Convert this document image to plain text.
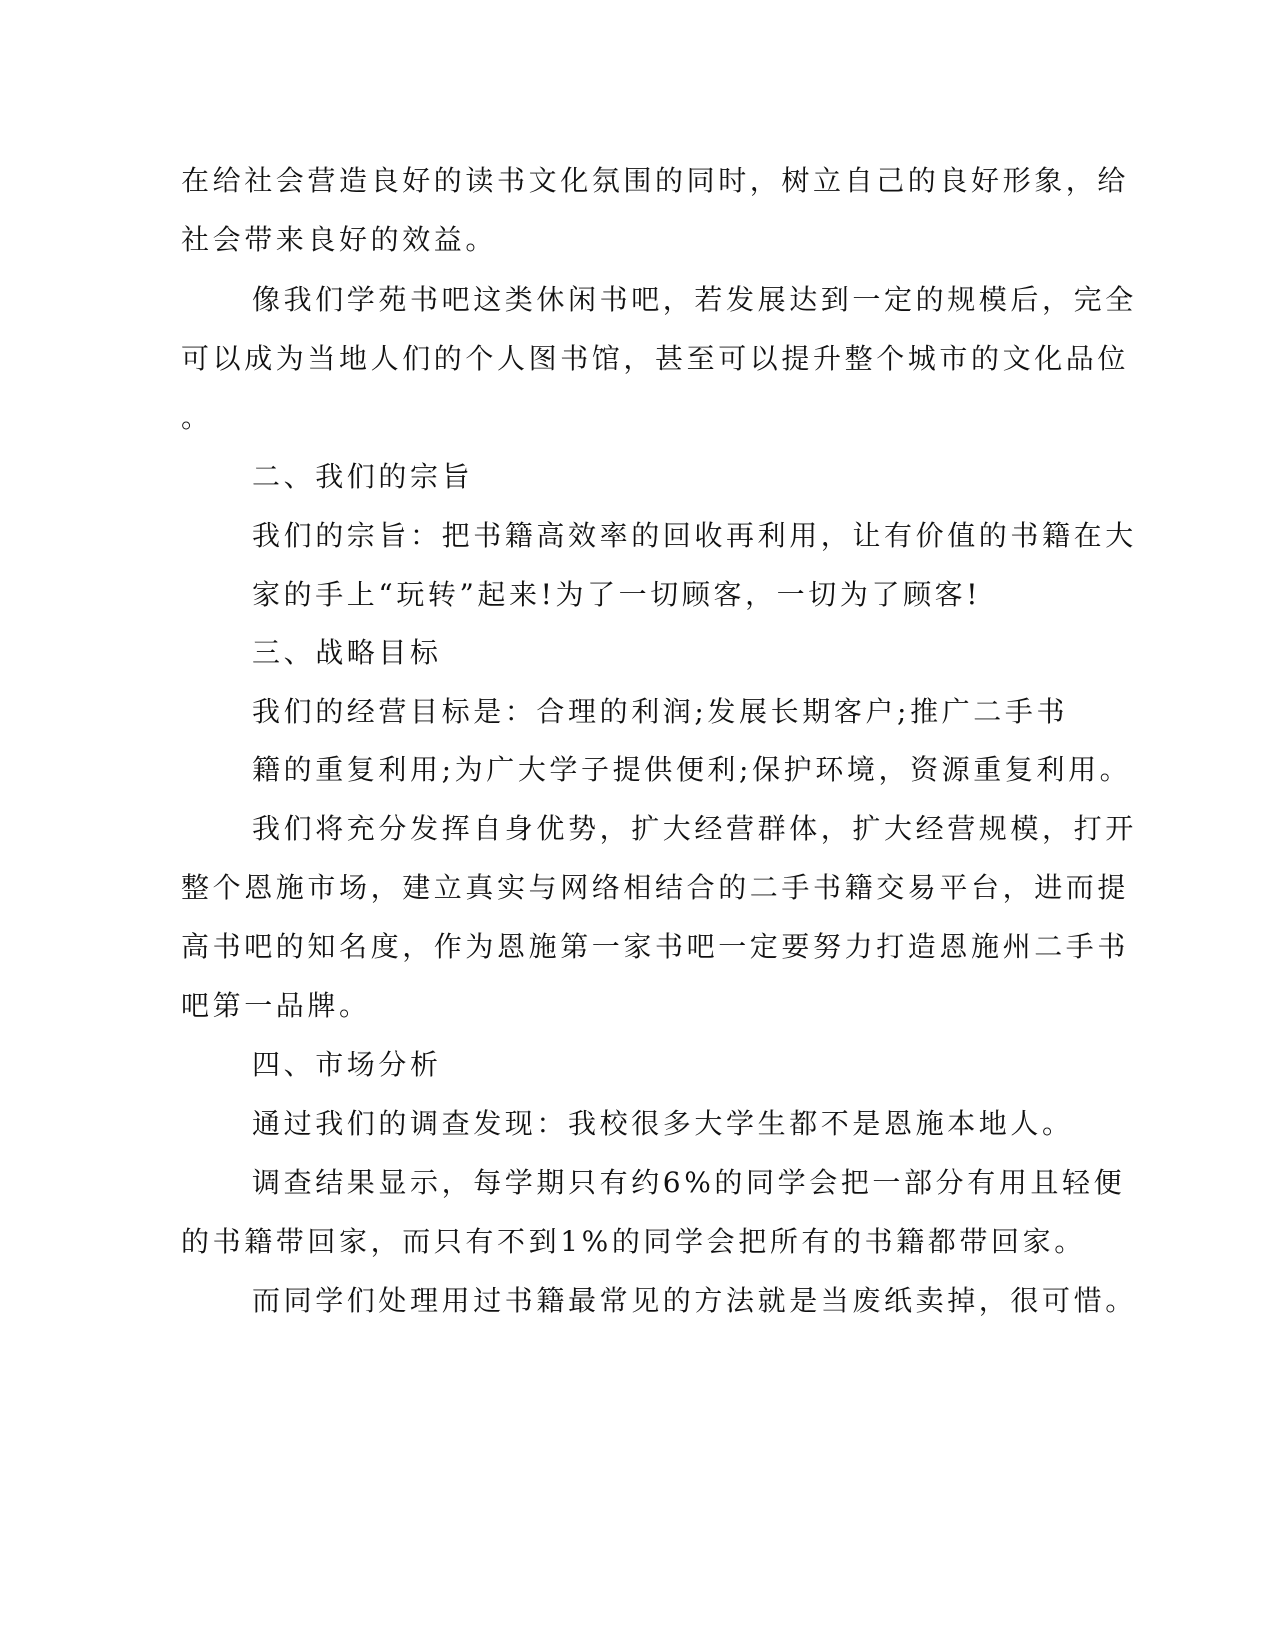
在给社会营造良好的读书文化氛围的同时，树立自己的良好形象，给

社会带来良好的效益。

像我们学苑书吧这类休闲书吧，若发展达到一定的规模后，完全

可以成为当地人们的个人图书馆，甚至可以提升整个城市的文化品位

。

二、我们的宗旨

我们的宗旨：把书籍高效率的回收再利用，让有价值的书籍在大

家的手上“玩转”起来!为了一切顾客，一切为了顾客!

三、战略目标

我们的经营目标是：合理的利润;发展长期客户;推广二手书

籍的重复利用;为广大学子提供便利;保护环境，资源重复利用。

我们将充分发挥自身优势，扩大经营群体，扩大经营规模，打开

整个恩施市场，建立真实与网络相结合的二手书籍交易平台，进而提

高书吧的知名度，作为恩施第一家书吧一定要努力打造恩施州二手书

吧第一品牌。

四、市场分析

通过我们的调查发现：我校很多大学生都不是恩施本地人。

调查结果显示，每学期只有约6%的同学会把一部分有用且轻便

的书籍带回家，而只有不到1%的同学会把所有的书籍都带回家。

而同学们处理用过书籍最常见的方法就是当废纸卖掉，很可惜。
